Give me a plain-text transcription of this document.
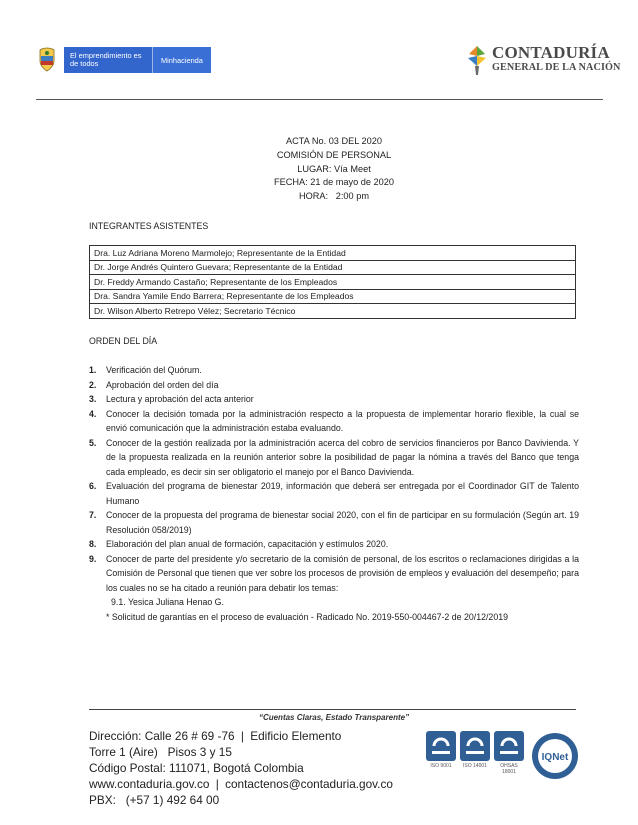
El emprendimiento es de todos	Minhacienda	CONTADURÍA
GENERAL DE LA NACIÓN
ACTA No. 03 DEL 2020
COMISIÓN DE PERSONAL
LUGAR: Vía Meet
FECHA: 21 de mayo de 2020
HORA:   2:00 pm
INTEGRANTES ASISTENTES
Dra. Luz Adriana Moreno Marmolejo; Representante de la Entidad
Dr. Jorge Andrés Quintero Guevara; Representante de la Entidad
Dr. Freddy Armando Castaño; Representante de los Empleados
Dra. Sandra Yamile Endo Barrera; Representante de los Empleados
Dr. Wilson Alberto Retrepo Vélez; Secretario Técnico
ORDEN DEL DÍA
1. Verificación del Quórum.
2. Aprobación del orden del día
3. Lectura y aprobación del acta anterior
4. Conocer la decisión tomada por la administración respecto a la propuesta de implementar horario flexible, la cual se envió comunicación que la administración estaba evaluando.
5. Conocer de la gestión realizada por la administración acerca del cobro de servicios financieros por Banco Davivienda. Y de la propuesta realizada en la reunión anterior sobre la posibilidad de pagar la nómina a través del Banco que tenga cada empleado, es decir sin ser obligatorio el manejo por el Banco Davivienda.
6. Evaluación del programa de bienestar 2019, información que deberá ser entregada por el Coordinador GIT de Talento Humano
7. Conocer de la propuesta del programa de bienestar social 2020, con el fin de participar en su formulación (Según art. 19 Resolución 058/2019)
8. Elaboración del plan anual de formación, capacitación y estímulos 2020.
9. Conocer de parte del presidente y/o secretario de la comisión de personal, de los escritos o reclamaciones dirigidas a la Comisión de Personal que tienen que ver sobre los procesos de provisión de empleos y evaluación del desempeño; para los cuales no se ha citado a reunión para debatir los temas:
9.1. Yesica Juliana Henao G.
* Solicitud de garantías en el proceso de evaluación - Radicado No. 2019-550-004467-2 de 20/12/2019
“Cuentas Claras, Estado Transparente”
Dirección: Calle 26 # 69 -76 | Edificio Elemento
Torre 1 (Aire)   Pisos 3 y 15
Código Postal: 111071, Bogotá Colombia
www.contaduria.gov.co | contactenos@contaduria.gov.co
PBX:   (+57 1) 492 64 00
ISO 9001	ISO 14001	OHSAS 18001
IQNet
